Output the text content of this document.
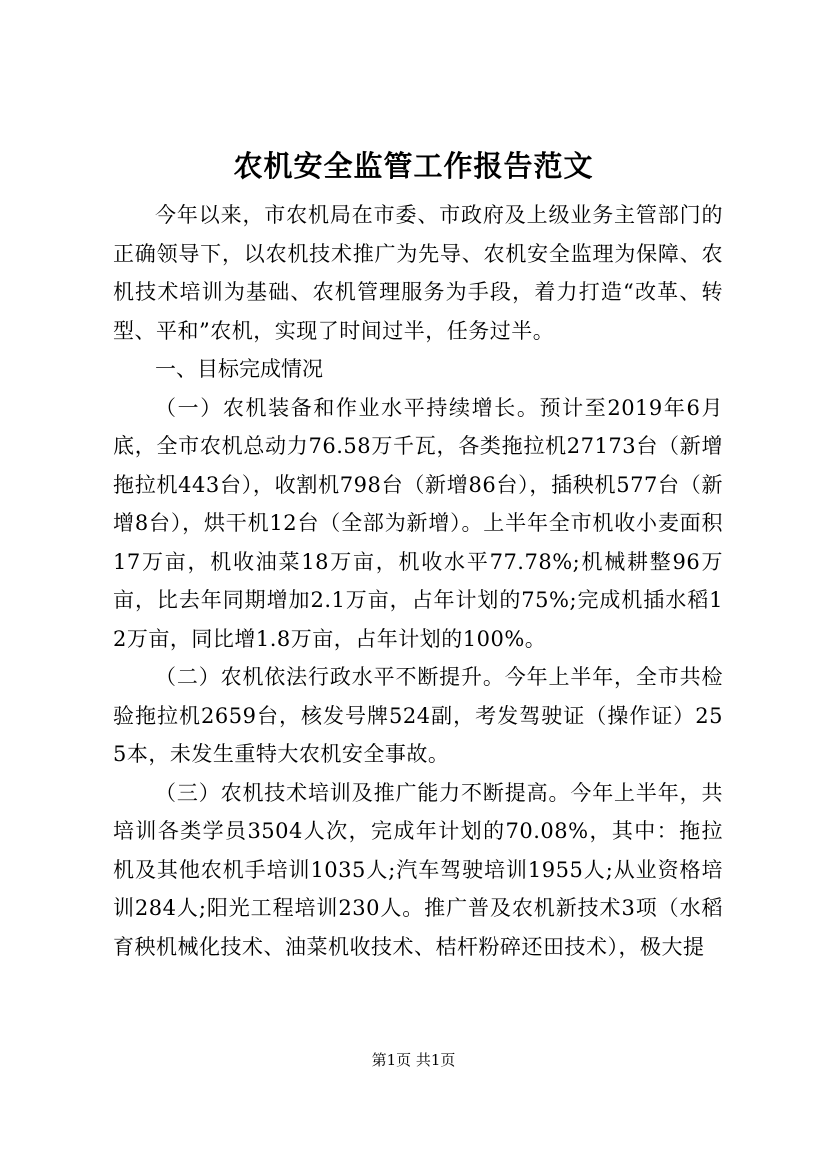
农机安全监管工作报告范文

今年以来，市农机局在市委、市政府及上级业务主管部门的正确领导下，以农机技术推广为先导、农机安全监理为保障、农机技术培训为基础、农机管理服务为手段，着力打造“改革、转型、平和”农机，实现了时间过半，任务过半。

一、目标完成情况

（一）农机装备和作业水平持续增长。预计至2019年6月底，全市农机总动力76.58万千瓦，各类拖拉机27173台（新增拖拉机443台），收割机798台（新增86台），插秧机577台（新增8台），烘干机12台（全部为新增）。上半年全市机收小麦面积17万亩，机收油菜18万亩，机收水平77.78%;机械耕整96万亩，比去年同期增加2.1万亩，占年计划的75%;完成机插水稻12万亩，同比增1.8万亩，占年计划的100%。

（二）农机依法行政水平不断提升。今年上半年，全市共检验拖拉机2659台，核发号牌524副，考发驾驶证（操作证）255本，未发生重特大农机安全事故。

（三）农机技术培训及推广能力不断提高。今年上半年，共培训各类学员3504人次，完成年计划的70.08%，其中：拖拉机及其他农机手培训1035人;汽车驾驶培训1955人;从业资格培训284人;阳光工程培训230人。推广普及农机新技术3项（水稻育秧机械化技术、油菜机收技术、桔杆粉碎还田技术），极大提

第1页 共1页
